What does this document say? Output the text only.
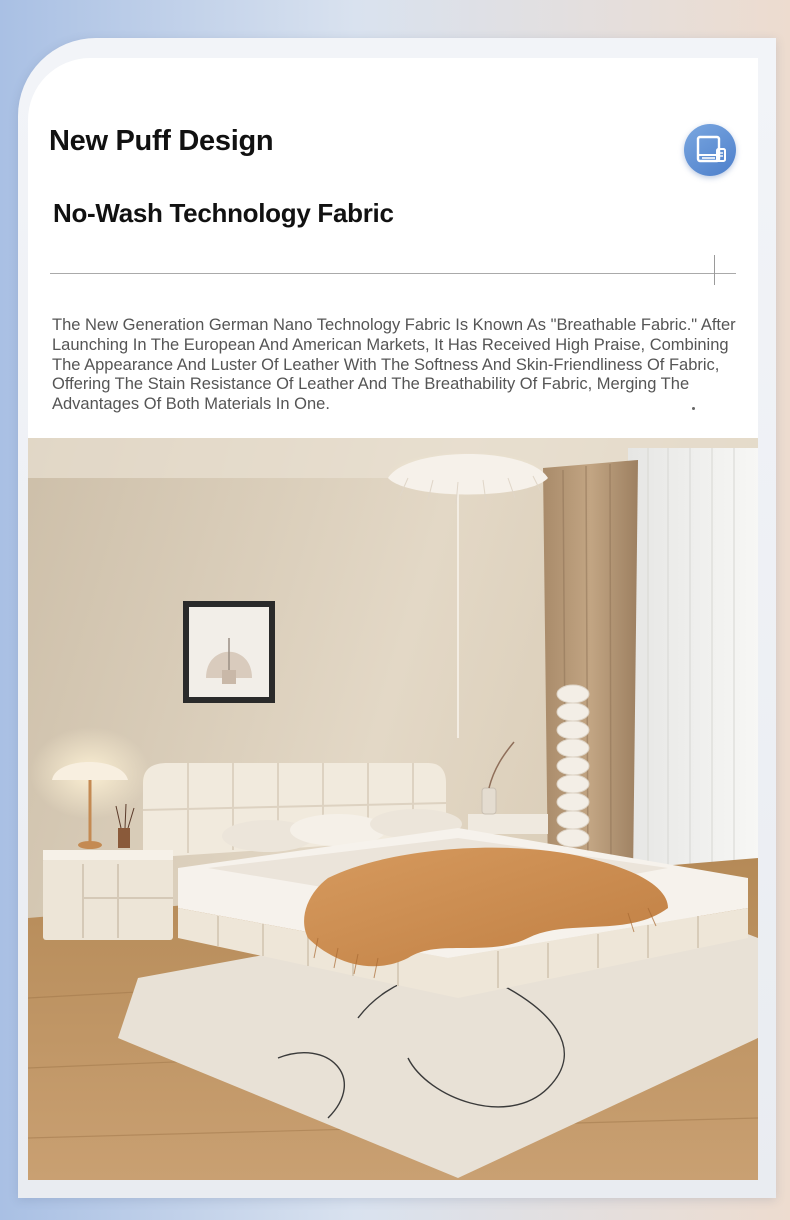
New Puff Design
No-Wash Technology Fabric

The New Generation German Nano Technology Fabric Is Known As "Breathable Fabric." After Launching In The European And American Markets, It Has Received High Praise, Combining The Appearance And Luster Of Leather With The Softness And Skin-Friendliness Of Fabric, Offering The Stain Resistance Of Leather And The Breathability Of Fabric, Merging The Advantages Of Both Materials In One.
